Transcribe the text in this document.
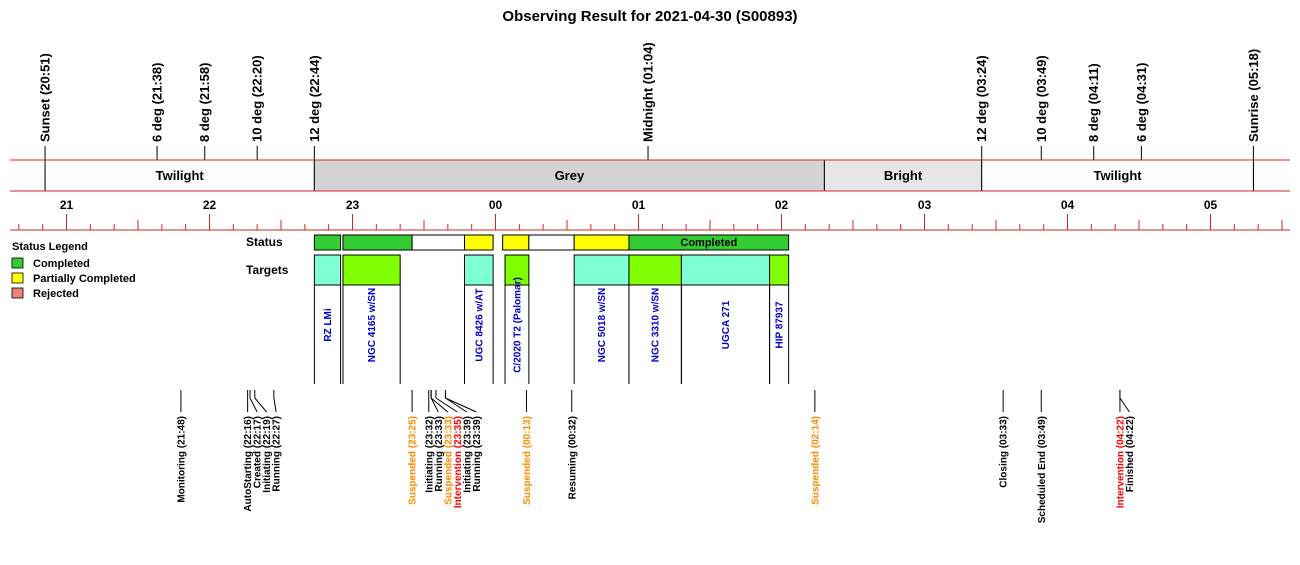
Observing Result for 2021-04-30 (S00893)
Sunset (20:51)	6 deg (21:38)	8 deg (21:58)	10 deg (22:20)	12 deg (22:44)	Midnight (01:04)	12 deg (03:24)	10 deg (03:49)	8 deg (04:11)	6 deg (04:31)	Sunrise (05:18)
Twilight	Grey	Bright	Twilight
21	22	23	00	01	02	03	04	05
Status Legend
Completed
Partially Completed
Rejected
Status
Targets
Completed
RZ LMi	NGC 4165 w/SN	UGC 8426 w/AT	C/2020 T2 (Palomar)	NGC 5018 w/SN	NGC 3310 w/SN	UGCA 271	HIP 87937
Monitoring (21:48)	AutoStarting (22:16)
Created (22:17)
Initiating (22:19)
Running (22:27)	Suspended (23:25) Initiating (23:32)
Running (23:33)
Suspended (23:33)
Intervention (23:35)
Initiating (23:39)
Running (23:39)	Suspended (00:13)	Resuming (00:32)	Suspended (02:14)	Closing (03:33)	Scheduled End (03:49)	Intervention (04:22)
Finished (04:22)
